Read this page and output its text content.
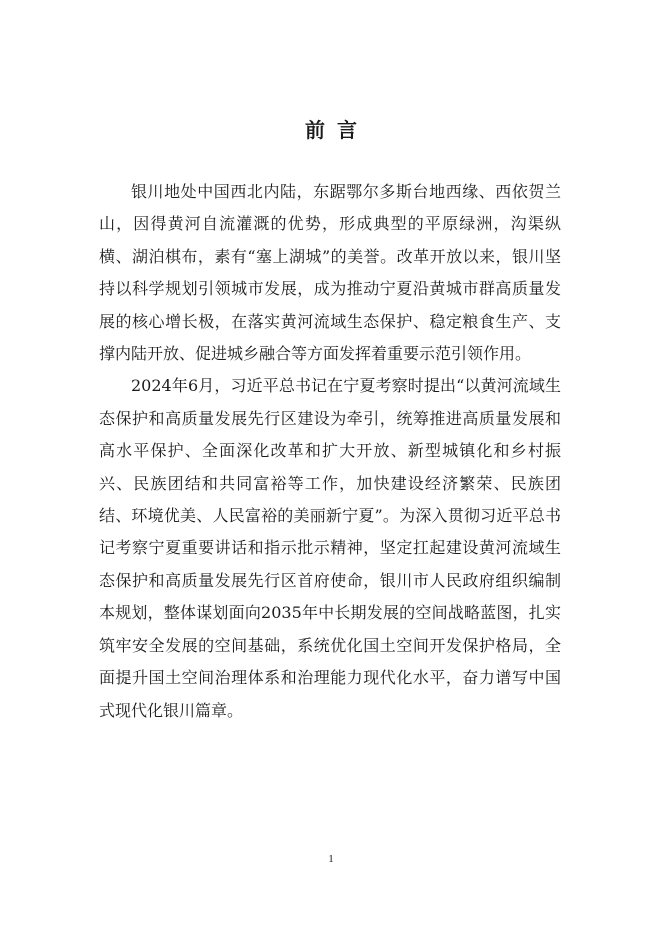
前言

银川地处中国西北内陆，东踞鄂尔多斯台地西缘、西依贺兰山，因得黄河自流灌溉的优势，形成典型的平原绿洲，沟渠纵横、湖泊棋布，素有“塞上湖城”的美誉。改革开放以来，银川坚持以科学规划引领城市发展，成为推动宁夏沿黄城市群高质量发展的核心增长极，在落实黄河流域生态保护、稳定粮食生产、支撑内陆开放、促进城乡融合等方面发挥着重要示范引领作用。

2024年6月，习近平总书记在宁夏考察时提出“以黄河流域生态保护和高质量发展先行区建设为牵引，统筹推进高质量发展和高水平保护、全面深化改革和扩大开放、新型城镇化和乡村振兴、民族团结和共同富裕等工作，加快建设经济繁荣、民族团结、环境优美、人民富裕的美丽新宁夏”。为深入贯彻习近平总书记考察宁夏重要讲话和指示批示精神，坚定扛起建设黄河流域生态保护和高质量发展先行区首府使命，银川市人民政府组织编制本规划，整体谋划面向2035年中长期发展的空间战略蓝图，扎实筑牢安全发展的空间基础，系统优化国土空间开发保护格局，全面提升国土空间治理体系和治理能力现代化水平，奋力谱写中国式现代化银川篇章。

1
